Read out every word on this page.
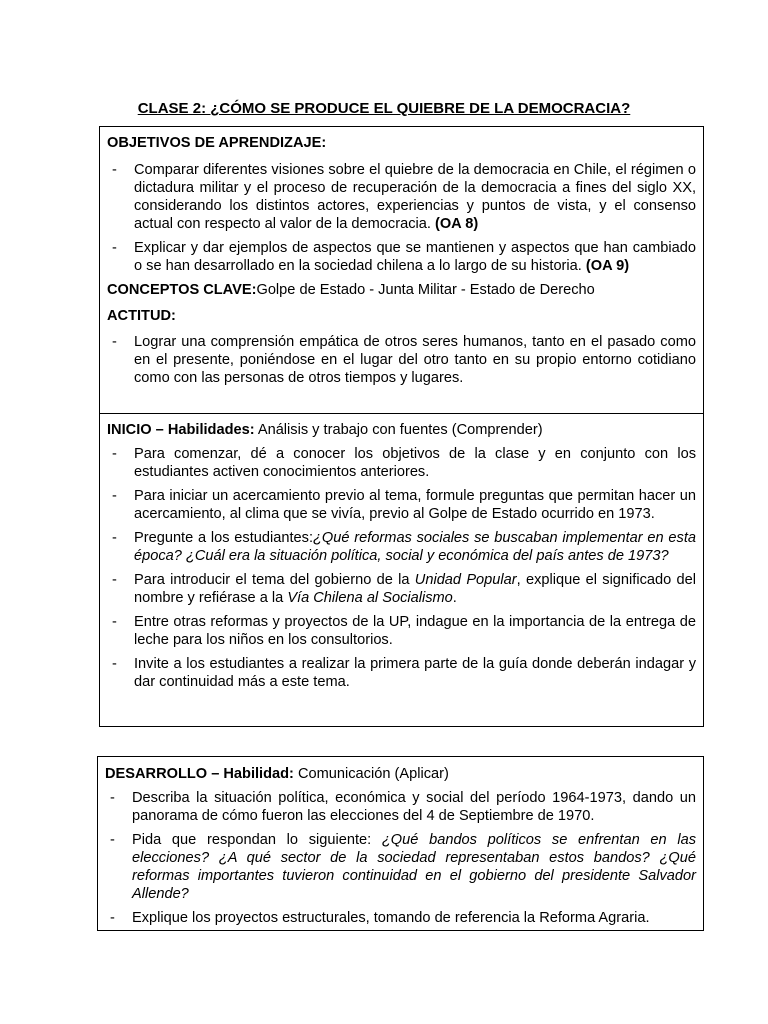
CLASE 2: ¿CÓMO SE PRODUCE EL QUIEBRE DE LA DEMOCRACIA?
OBJETIVOS DE APRENDIZAJE:
- Comparar diferentes visiones sobre el quiebre de la democracia en Chile, el régimen o dictadura militar y el proceso de recuperación de la democracia a fines del siglo XX, considerando los distintos actores, experiencias y puntos de vista, y el consenso actual con respecto al valor de la democracia. (OA 8)
- Explicar y dar ejemplos de aspectos que se mantienen y aspectos que han cambiado o se han desarrollado en la sociedad chilena a lo largo de su historia. (OA 9)
CONCEPTOS CLAVE:Golpe de Estado - Junta Militar - Estado de Derecho
ACTITUD:
- Lograr una comprensión empática de otros seres humanos, tanto en el pasado como en el presente, poniéndose en el lugar del otro tanto en su propio entorno cotidiano como con las personas de otros tiempos y lugares.
INICIO – Habilidades: Análisis y trabajo con fuentes (Comprender)
- Para comenzar, dé a conocer los objetivos de la clase y en conjunto con los estudiantes activen conocimientos anteriores.
- Para iniciar un acercamiento previo al tema, formule preguntas que permitan hacer un acercamiento, al clima que se vivía, previo al Golpe de Estado ocurrido en 1973.
- Pregunte a los estudiantes:¿Qué reformas sociales se buscaban implementar en esta época? ¿Cuál era la situación política, social y económica del país antes de 1973?
- Para introducir el tema del gobierno de la Unidad Popular, explique el significado del nombre y refiérase a la Vía Chilena al Socialismo.
- Entre otras reformas y proyectos de la UP, indague en la importancia de la entrega de leche para los niños en los consultorios.
- Invite a los estudiantes a realizar la primera parte de la guía donde deberán indagar y dar continuidad más a este tema.
DESARROLLO – Habilidad: Comunicación (Aplicar)
- Describa la situación política, económica y social del período 1964-1973, dando un panorama de cómo fueron las elecciones del 4 de Septiembre de 1970.
- Pida que respondan lo siguiente: ¿Qué bandos políticos se enfrentan en las elecciones? ¿A qué sector de la sociedad representaban estos bandos? ¿Qué reformas importantes tuvieron continuidad en el gobierno del presidente Salvador Allende?
- Explique los proyectos estructurales, tomando de referencia la Reforma Agraria.
